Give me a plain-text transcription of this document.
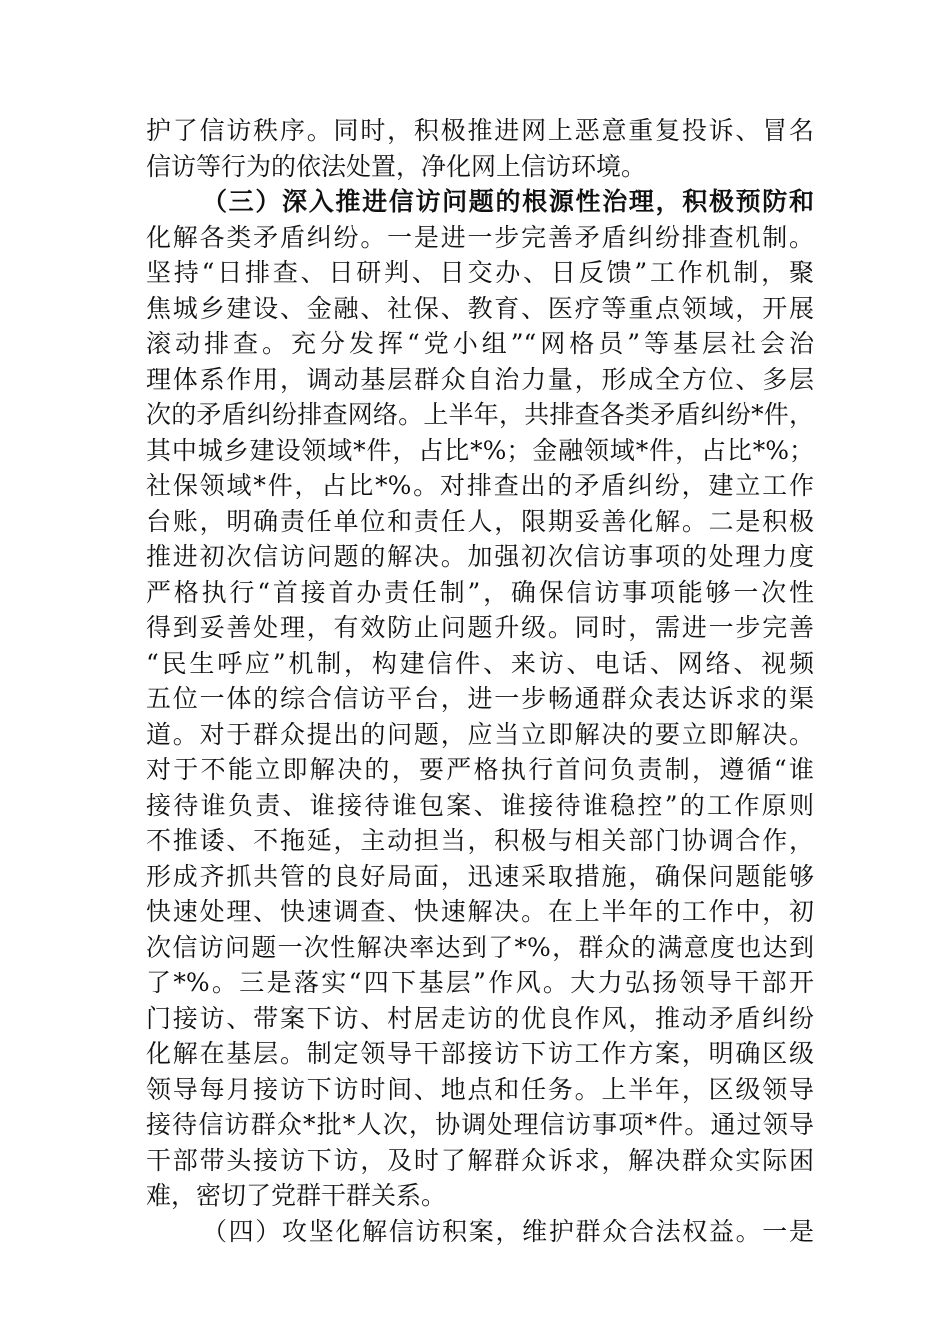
护了信访秩序。同时，积极推进网上恶意重复投诉、冒名
信访等行为的依法处置，净化网上信访环境。
（三）深入推进信访问题的根源性治理，积极预防和
化解各类矛盾纠纷。一是进一步完善矛盾纠纷排查机制。
坚持“日排查、日研判、日交办、日反馈”工作机制，聚
焦城乡建设、金融、社保、教育、医疗等重点领域，开展
滚动排查。充分发挥“党小组”“网格员”等基层社会治
理体系作用，调动基层群众自治力量，形成全方位、多层
次的矛盾纠纷排查网络。上半年，共排查各类矛盾纠纷*件，
其中城乡建设领域*件，占比*%；金融领域*件，占比*%；
社保领域*件，占比*%。对排查出的矛盾纠纷，建立工作
台账，明确责任单位和责任人，限期妥善化解。二是积极
推进初次信访问题的解决。加强初次信访事项的处理力度
严格执行“首接首办责任制”，确保信访事项能够一次性
得到妥善处理，有效防止问题升级。同时，需进一步完善
“民生呼应”机制，构建信件、来访、电话、网络、视频
五位一体的综合信访平台，进一步畅通群众表达诉求的渠
道。对于群众提出的问题，应当立即解决的要立即解决。
对于不能立即解决的，要严格执行首问负责制，遵循“谁
接待谁负责、谁接待谁包案、谁接待谁稳控”的工作原则
不推诿、不拖延，主动担当，积极与相关部门协调合作，
形成齐抓共管的良好局面，迅速采取措施，确保问题能够
快速处理、快速调查、快速解决。在上半年的工作中，初
次信访问题一次性解决率达到了*%，群众的满意度也达到
了*%。三是落实“四下基层”作风。大力弘扬领导干部开
门接访、带案下访、村居走访的优良作风，推动矛盾纠纷
化解在基层。制定领导干部接访下访工作方案，明确区级
领导每月接访下访时间、地点和任务。上半年，区级领导
接待信访群众*批*人次，协调处理信访事项*件。通过领导
干部带头接访下访，及时了解群众诉求，解决群众实际困
难，密切了党群干群关系。
（四）攻坚化解信访积案，维护群众合法权益。一是
